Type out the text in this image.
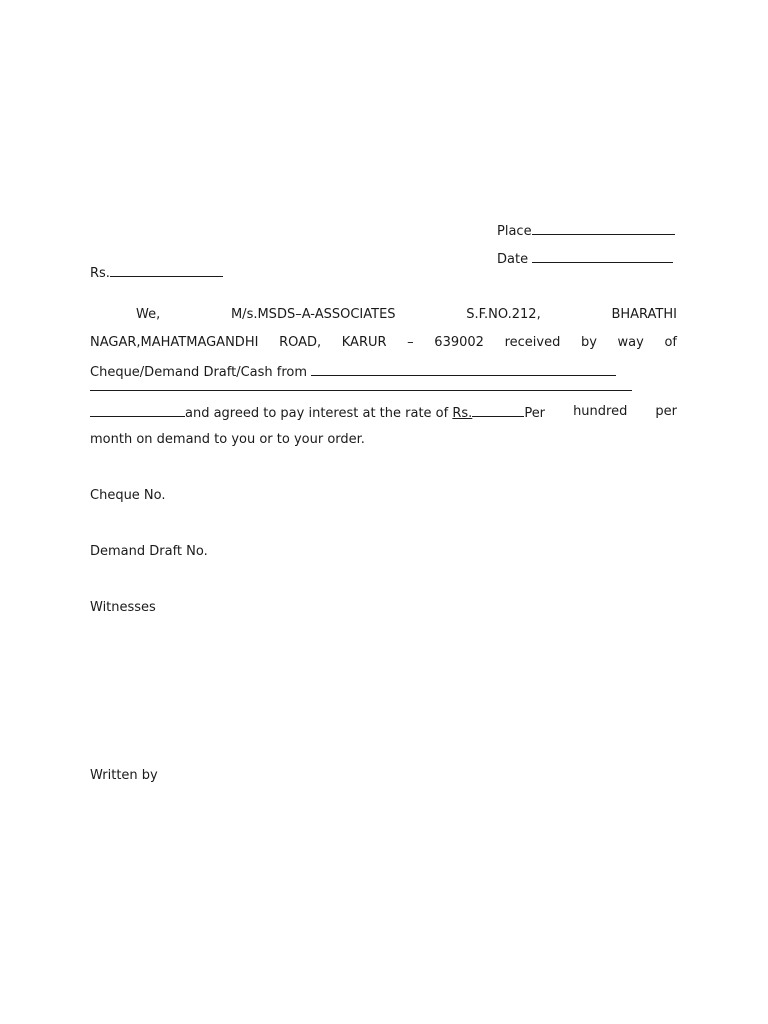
Place
Date
Rs.
We,	M/s.MSDS–A-ASSOCIATES	S.F.NO.212,	BHARATHI
NAGAR,MAHATMAGANDHI ROAD, KARUR – 639002 received by way of
Cheque/Demand Draft/Cash from
and agreed to pay interest at the rate of Rs.	Per hundred per
month on demand to you or to your order.
Cheque No.
Demand Draft No.
Witnesses
Written by
